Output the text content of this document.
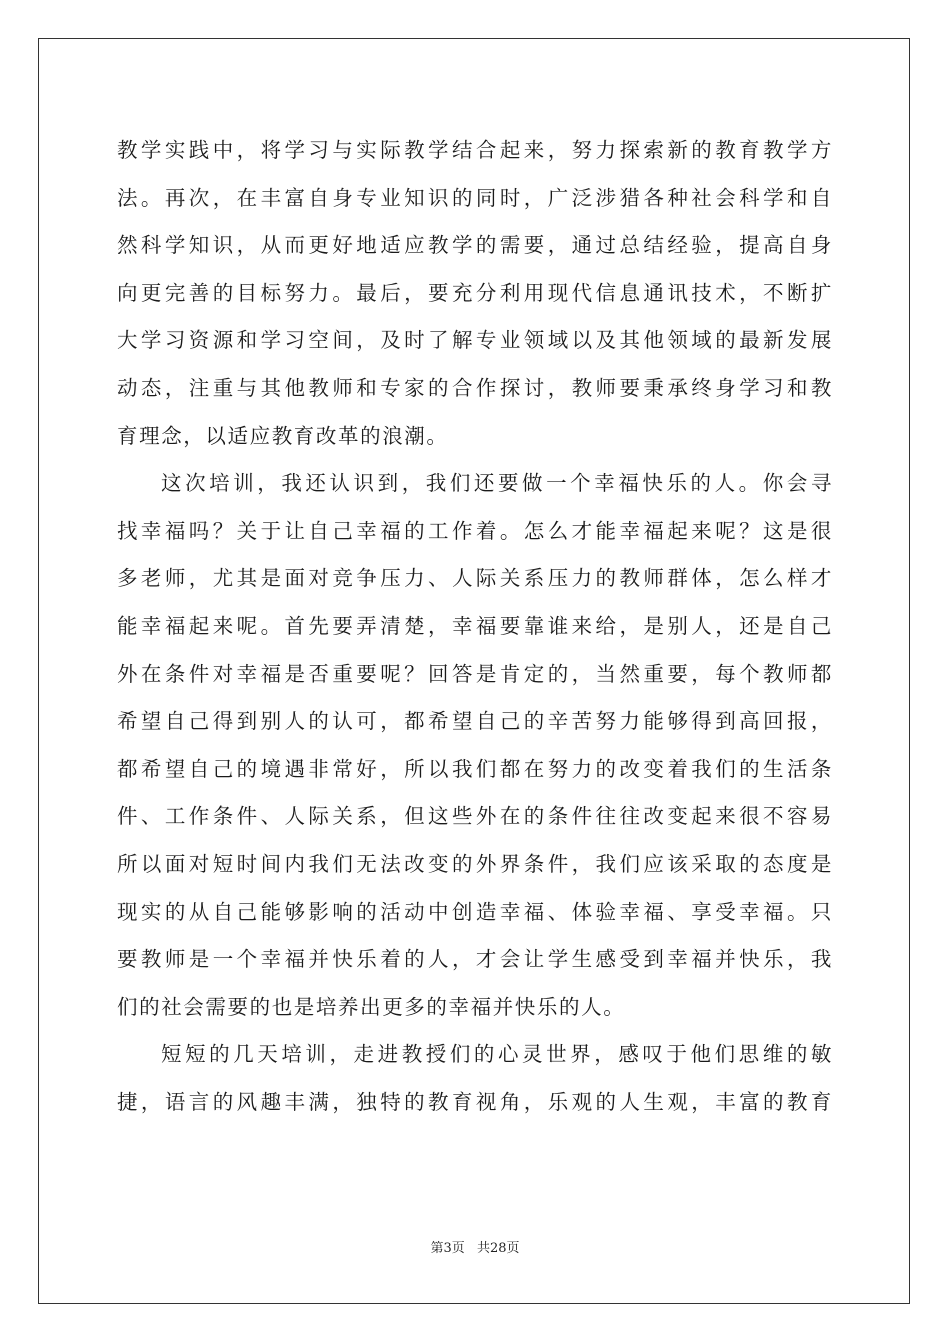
教学实践中，将学习与实际教学结合起来，努力探索新的教育教学方
法。再次，在丰富自身专业知识的同时，广泛涉猎各种社会科学和自
然科学知识，从而更好地适应教学的需要，通过总结经验，提高自身
向更完善的目标努力。最后，要充分利用现代信息通讯技术，不断扩
大学习资源和学习空间，及时了解专业领域以及其他领域的最新发展
动态，注重与其他教师和专家的合作探讨，教师要秉承终身学习和教
育理念，以适应教育改革的浪潮。
这次培训，我还认识到，我们还要做一个幸福快乐的人。你会寻
找幸福吗？关于让自己幸福的工作着。怎么才能幸福起来呢？这是很
多老师，尤其是面对竞争压力、人际关系压力的教师群体，怎么样才
能幸福起来呢。首先要弄清楚，幸福要靠谁来给，是别人，还是自己
外在条件对幸福是否重要呢？回答是肯定的，当然重要，每个教师都
希望自己得到别人的认可，都希望自己的辛苦努力能够得到高回报，
都希望自己的境遇非常好，所以我们都在努力的改变着我们的生活条
件、工作条件、人际关系，但这些外在的条件往往改变起来很不容易
所以面对短时间内我们无法改变的外界条件，我们应该采取的态度是
现实的从自己能够影响的活动中创造幸福、体验幸福、享受幸福。只
要教师是一个幸福并快乐着的人，才会让学生感受到幸福并快乐，我
们的社会需要的也是培养出更多的幸福并快乐的人。
短短的几天培训，走进教授们的心灵世界，感叹于他们思维的敏
捷，语言的风趣丰满，独特的教育视角，乐观的人生观，丰富的教育
第3页 共28页
